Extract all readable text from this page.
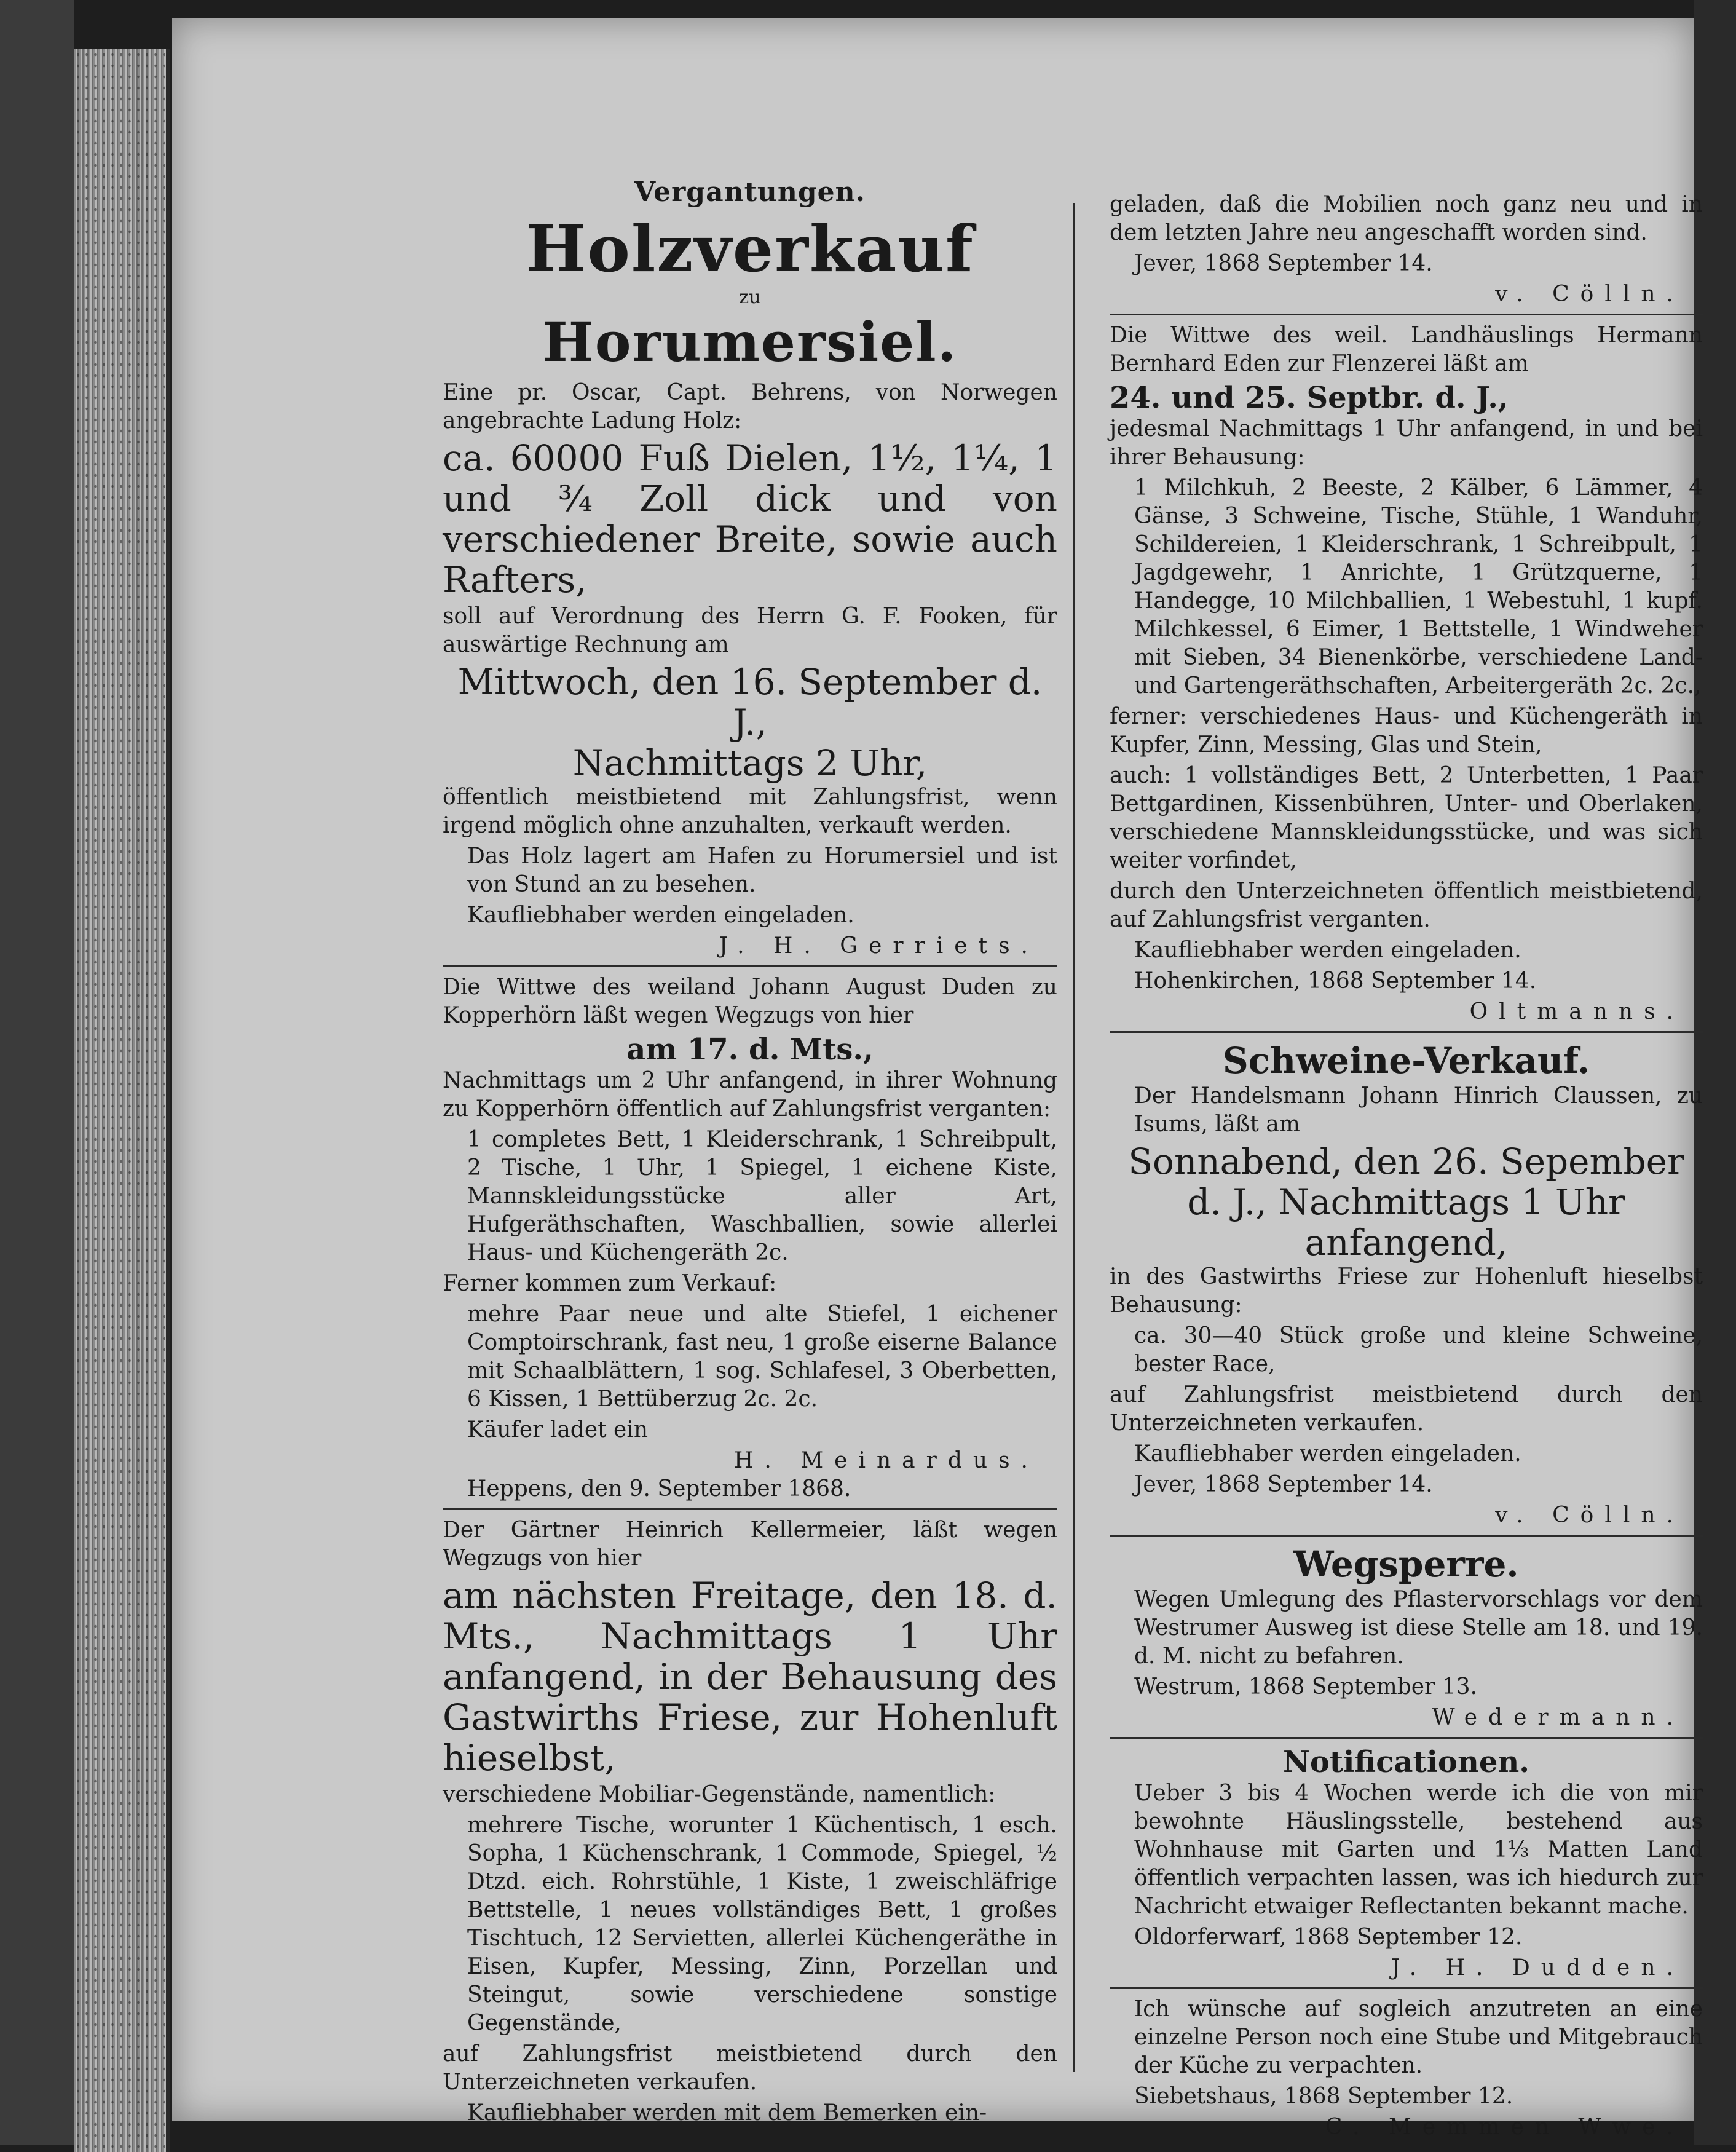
Vergantungen.
Holzverkauf
zu
Horumersiel.

Eine pr. Oscar, Capt. Behrens, von Norwegen angebrachte Ladung Holz:

ca. 60000 Fuß Dielen, 1½, 1¼, 1 und ¾ Zoll dick und von verschiedener Breite, sowie auch Rafters,

soll auf Verordnung des Herrn G. F. Fooken, für auswärtige Rechnung am

Mittwoch, den 16. September d. J.,

Nachmittags 2 Uhr,

öffentlich meistbietend mit Zahlungsfrist, wenn irgend möglich ohne anzuhalten, verkauft werden.

Das Holz lagert am Hafen zu Horumersiel und ist von Stund an zu besehen.

Kaufliebhaber werden eingeladen.

J. H. Gerriets.

Die Wittwe des weiland Johann August Duden zu Kopperhörn läßt wegen Wegzugs von hier

am 17. d. Mts.,

Nachmittags um 2 Uhr anfangend, in ihrer Wohnung zu Kopperhörn öffentlich auf Zahlungsfrist verganten:

1 completes Bett, 1 Kleiderschrank, 1 Schreibpult, 2 Tische, 1 Uhr, 1 Spiegel, 1 eichene Kiste, Mannskleidungsstücke aller Art, Hufgeräthschaften, Waschballien, sowie allerlei Haus- und Küchengeräth 2c.

Ferner kommen zum Verkauf:

mehre Paar neue und alte Stiefel, 1 eichener Comptoirschrank, fast neu, 1 große eiserne Balance mit Schaalblättern, 1 sog. Schlafesel, 3 Oberbetten, 6 Kissen, 1 Bettüberzug 2c. 2c.

Käufer ladet ein

H. Meinardus.

Heppens, den 9. September 1868.

Der Gärtner Heinrich Kellermeier, läßt wegen Wegzugs von hier

am nächsten Freitage, den 18. d. Mts., Nachmittags 1 Uhr anfangend, in der Behausung des Gastwirths Friese, zur Hohenluft hieselbst,

verschiedene Mobiliar-Gegenstände, namentlich:

mehrere Tische, worunter 1 Küchentisch, 1 esch. Sopha, 1 Küchenschrank, 1 Commode, Spiegel, ½ Dtzd. eich. Rohrstühle, 1 Kiste, 1 zweischläfrige Bettstelle, 1 neues vollständiges Bett, 1 großes Tischtuch, 12 Servietten, allerlei Küchengeräthe in Eisen, Kupfer, Messing, Zinn, Porzellan und Steingut, sowie verschiedene sonstige Gegenstände,

auf Zahlungsfrist meistbietend durch den Unterzeichneten verkaufen.

Kaufliebhaber werden mit dem Bemerken ein-

geladen, daß die Mobilien noch ganz neu und in dem letzten Jahre neu angeschafft worden sind.

Jever, 1868 September 14.

v. Cölln.

Die Wittwe des weil. Landhäuslings Hermann Bernhard Eden zur Flenzerei läßt am

24. und 25. Septbr. d. J.,

jedesmal Nachmittags 1 Uhr anfangend, in und bei ihrer Behausung:

1 Milchkuh, 2 Beeste, 2 Kälber, 6 Lämmer, 4 Gänse, 3 Schweine, Tische, Stühle, 1 Wanduhr, Schildereien, 1 Kleiderschrank, 1 Schreibpult, 1 Jagdgewehr, 1 Anrichte, 1 Grützquerne, 1 Handegge, 10 Milchballien, 1 Webestuhl, 1 kupf. Milchkessel, 6 Eimer, 1 Bettstelle, 1 Windweher mit Sieben, 34 Bienenkörbe, verschiedene Land- und Gartengeräthschaften, Arbeitergeräth 2c. 2c.,

ferner: verschiedenes Haus- und Küchengeräth in Kupfer, Zinn, Messing, Glas und Stein,

auch: 1 vollständiges Bett, 2 Unterbetten, 1 Paar Bettgardinen, Kissenbühren, Unter- und Oberlaken, verschiedene Mannskleidungsstücke, und was sich weiter vorfindet,

durch den Unterzeichneten öffentlich meistbietend, auf Zahlungsfrist verganten.

Kaufliebhaber werden eingeladen.

Hohenkirchen, 1868 September 14.

Oltmanns.

Schweine-Verkauf.

Der Handelsmann Johann Hinrich Claussen, zu Isums, läßt am

Sonnabend, den 26. Sepember d. J., Nachmittags 1 Uhr anfangend,

in des Gastwirths Friese zur Hohenluft hieselbst Behausung:

ca. 30—40 Stück große und kleine Schweine, bester Race,

auf Zahlungsfrist meistbietend durch den Unterzeichneten verkaufen.

Kaufliebhaber werden eingeladen.

Jever, 1868 September 14.

v. Cölln.

Wegsperre.

Wegen Umlegung des Pflastervorschlags vor dem Westrumer Ausweg ist diese Stelle am 18. und 19. d. M. nicht zu befahren.

Westrum, 1868 September 13.

Wedermann.

Notificationen.

Ueber 3 bis 4 Wochen werde ich die von mir bewohnte Häuslingsstelle, bestehend aus Wohnhause mit Garten und 1⅓ Matten Land öffentlich verpachten lassen, was ich hiedurch zur Nachricht etwaiger Reflectanten bekannt mache.

Oldorferwarf, 1868 September 12.

J. H. Dudden.

Ich wünsche auf sogleich anzutreten an eine einzelne Person noch eine Stube und Mitgebrauch der Küche zu verpachten.

Siebetshaus, 1868 September 12.

C. Memmen Wwe.
